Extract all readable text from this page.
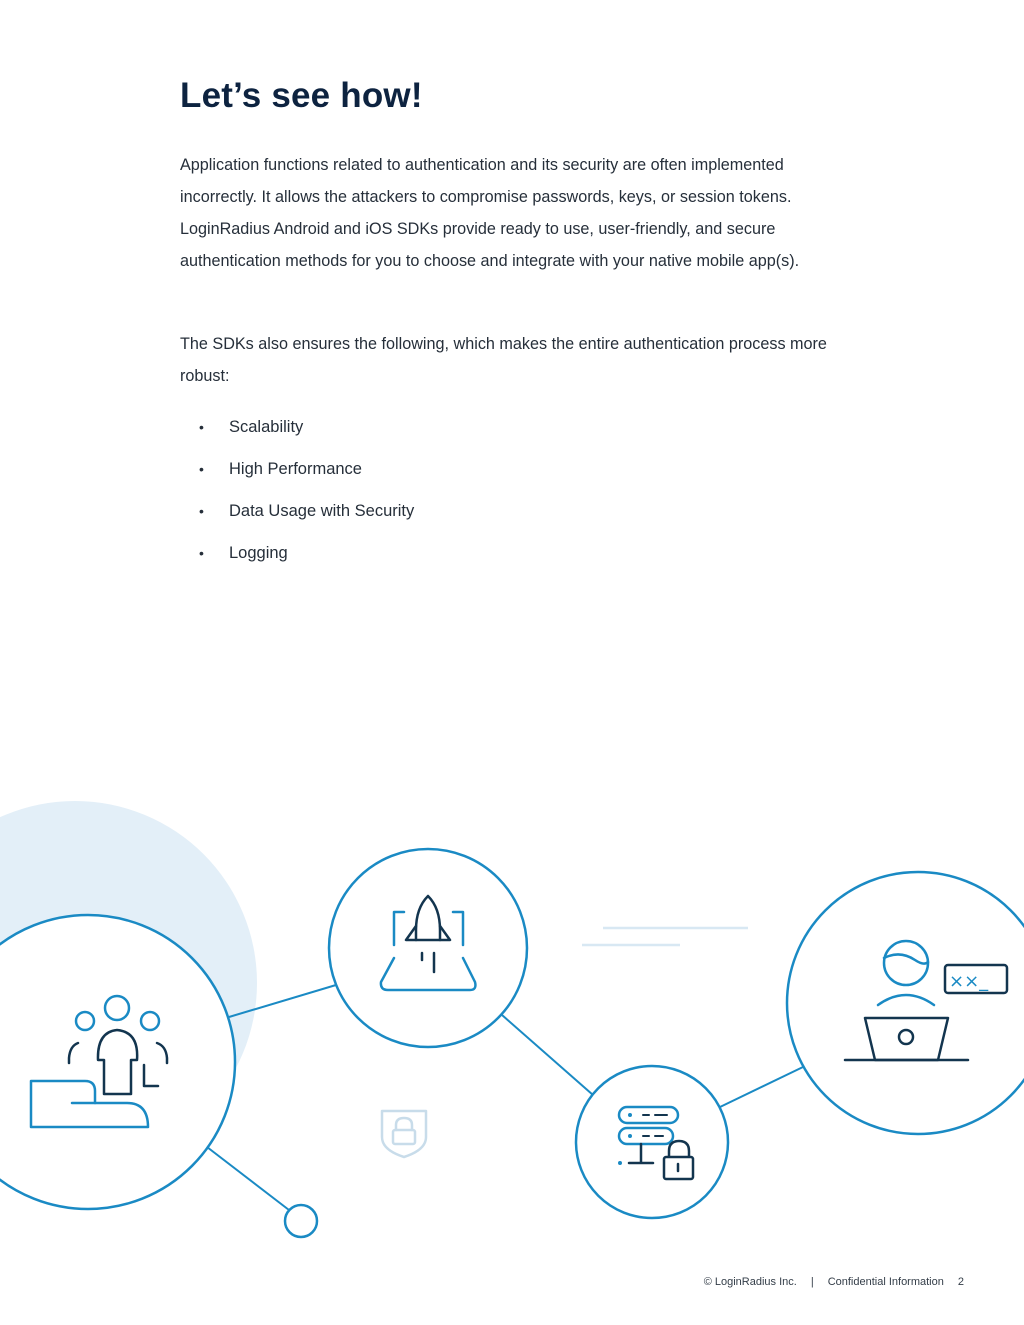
Let’s see how!

Application functions related to authentication and its security are often implemented incorrectly. It allows the attackers to compromise passwords, keys, or session tokens. LoginRadius Android and iOS SDKs provide ready to use, user-friendly, and secure authentication methods for you to choose and integrate with your native mobile app(s).

The SDKs also ensures the following, which makes the entire authentication process more robust:

• Scalability
• High Performance
• Data Usage with Security
• Logging
××_
© LoginRadius Inc. | Confidential Information 2
